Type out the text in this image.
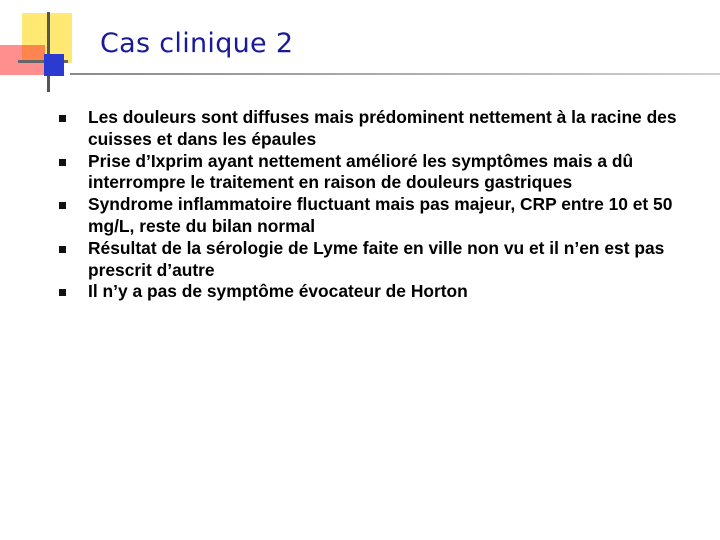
Cas clinique 2
Les douleurs sont diffuses mais prédominent nettement à la racine des cuisses et dans les épaules
Prise d’Ixprim ayant nettement amélioré les symptômes mais a dû interrompre le traitement en raison de douleurs gastriques
Syndrome inflammatoire fluctuant mais pas majeur, CRP entre 10 et 50 mg/L, reste du bilan normal
Résultat de la sérologie de Lyme faite en ville non vu et il n’en est pas prescrit d’autre
Il n’y a pas de symptôme évocateur de Horton
